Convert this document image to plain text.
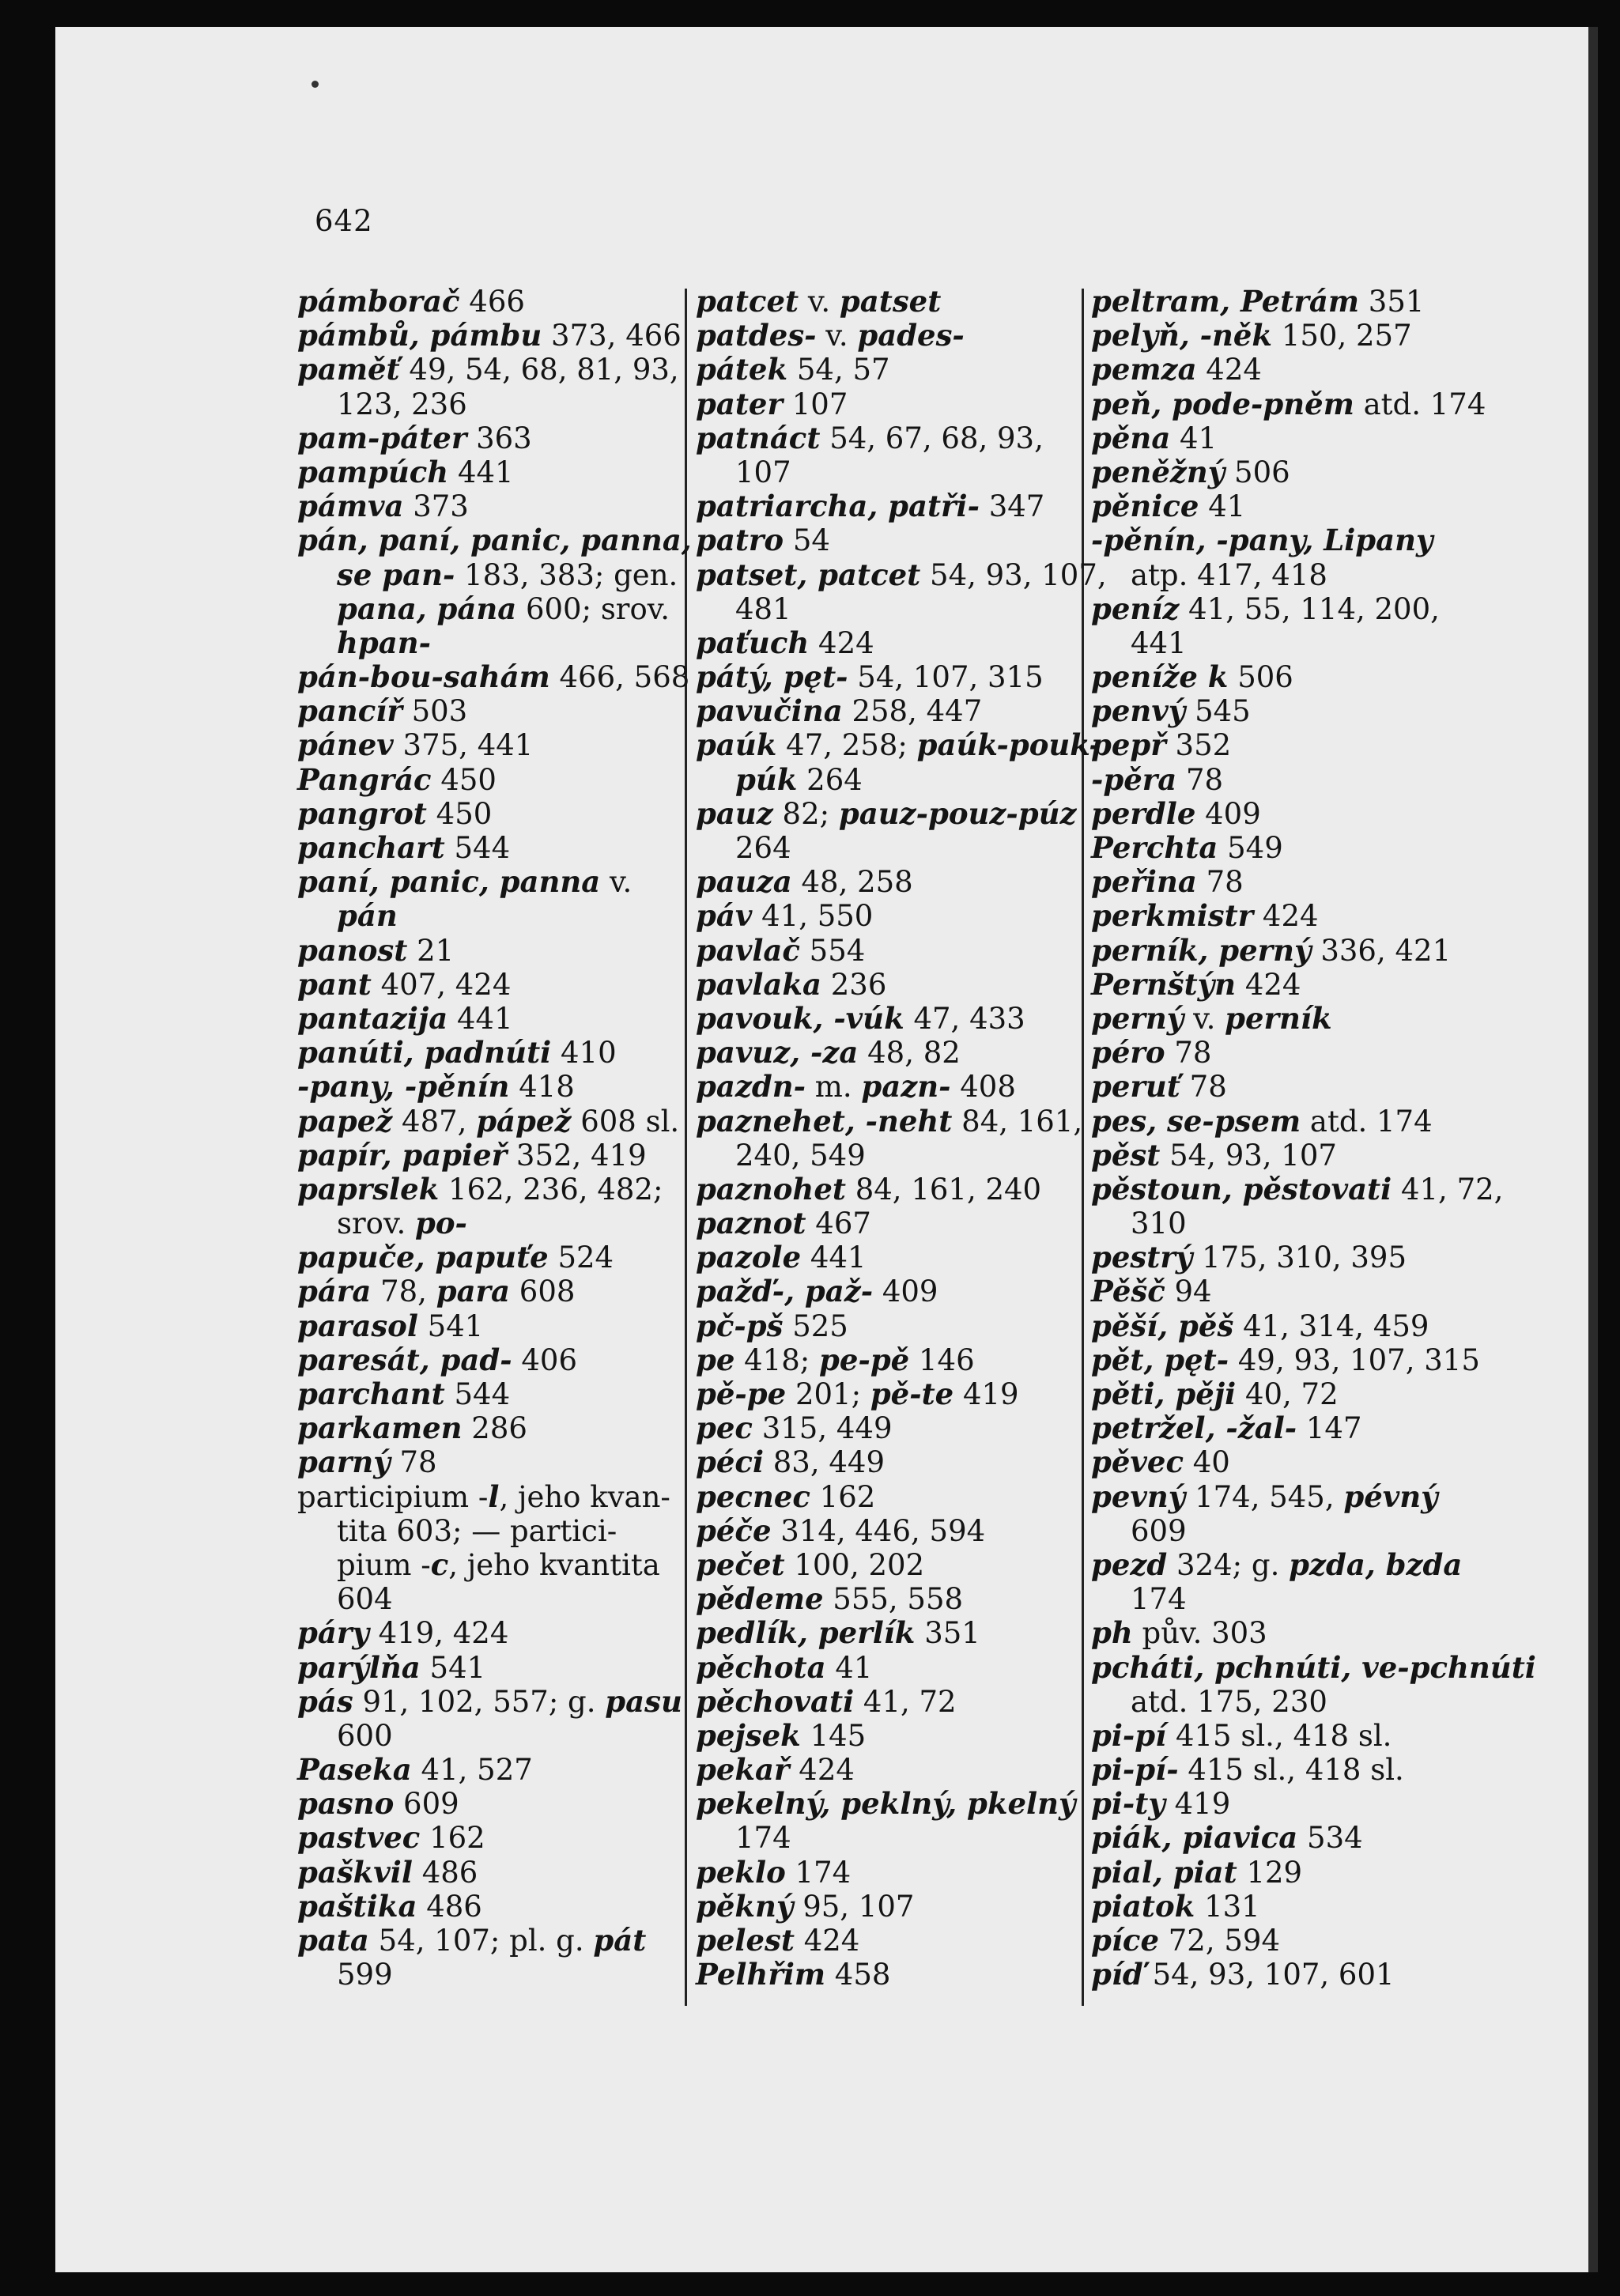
642
pámborač 466
pámbů, pámbu 373, 466
paměť 49, 54, 68, 81, 93,
123, 236
pam-páter 363
pampúch 441
pámva 373
pán, paní, panic, panna,
se pan- 183, 383; gen.
pana, pána 600; srov.
hpan-
pán-bou-sahám 466, 568
pancíř 503
pánev 375, 441
Pangrác 450
pangrot 450
panchart 544
paní, panic, panna v.
pán
panost 21
pant 407, 424
pantazija 441
panúti, padnúti 410
-pany, -pěnín 418
papež 487, pápež 608 sl.
papír, papieř 352, 419
paprslek 162, 236, 482;
srov. po-
papuče, papuťe 524
pára 78, para 608
parasol 541
paresát, pad- 406
parchant 544
parkamen 286
parný 78
participium -l, jeho kvan-
tita 603; — partici-
pium -c, jeho kvantita
604
páry 419, 424
parýlňa 541
pás 91, 102, 557; g. pasu
600
Paseka 41, 527
pasno 609
pastvec 162
paškvil 486
paštika 486
pata 54, 107; pl. g. pát
599
patcet v. patset
patdes- v. pades-
pátek 54, 57
pater 107
patnáct 54, 67, 68, 93,
107
patriarcha, patři- 347
patro 54
patset, patcet 54, 93, 107,
481
paťuch 424
pátý, pęt- 54, 107, 315
pavučina 258, 447
paúk 47, 258; paúk-pouk-
púk 264
pauz 82; pauz-pouz-púz
264
pauza 48, 258
páv 41, 550
pavlač 554
pavlaka 236
pavouk, -vúk 47, 433
pavuz, -za 48, 82
pazdn- m. pazn- 408
paznehet, -neht 84, 161,
240, 549
paznohet 84, 161, 240
paznot 467
pazole 441
pažď-, paž- 409
pč-pš 525
pe 418; pe-pě 146
pě-pe 201; pě-te 419
pec 315, 449
péci 83, 449
pecnec 162
péče 314, 446, 594
pečet 100, 202
pědeme 555, 558
pedlík, perlík 351
pěchota 41
pěchovati 41, 72
pejsek 145
pekař 424
pekelný, peklný, pkelný
174
peklo 174
pěkný 95, 107
pelest 424
Pelhřim 458
peltram, Petrám 351
pelyň, -něk 150, 257
pemza 424
peň, pode-pněm atd. 174
pěna 41
peněžný 506
pěnice 41
-pěnín, -pany, Lipany
atp. 417, 418
peníz 41, 55, 114, 200,
441
peníže k 506
penvý 545
pepř 352
-pěra 78
perdle 409
Perchta 549
peřina 78
perkmistr 424
perník, perný 336, 421
Pernštýn 424
perný v. perník
péro 78
peruť 78
pes, se-psem atd. 174
pěst 54, 93, 107
pěstoun, pěstovati 41, 72,
310
pestrý 175, 310, 395
Pěšč 94
pěší, pěš 41, 314, 459
pět, pęt- 49, 93, 107, 315
pěti, pěji 40, 72
petržel, -žal- 147
pěvec 40
pevný 174, 545, pévný
609
pezd 324; g. pzda, bzda
174
ph pův. 303
pcháti, pchnúti, ve-pchnúti
atd. 175, 230
pi-pí 415 sl., 418 sl.
pi-pí- 415 sl., 418 sl.
pi-ty 419
piák, piavica 534
pial, piat 129
piatok 131
píce 72, 594
píď 54, 93, 107, 601
